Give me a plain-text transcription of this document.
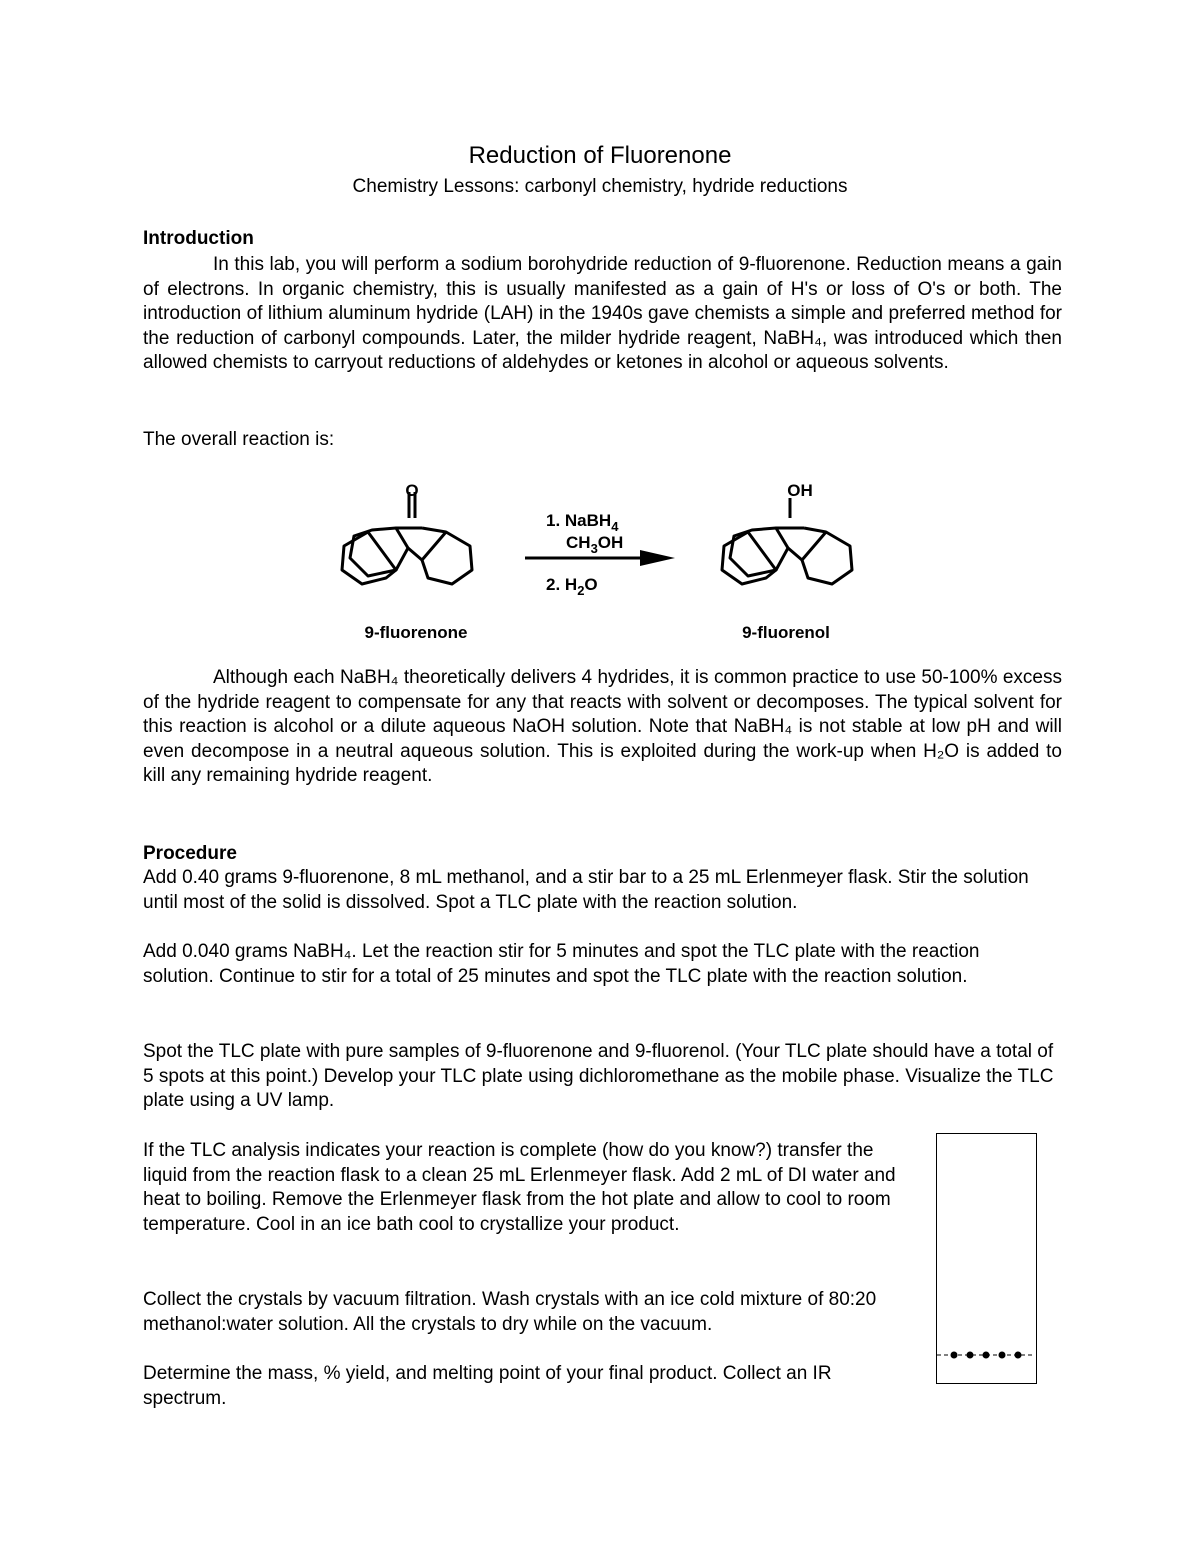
Reduction of Fluorenone
Chemistry Lessons: carbonyl chemistry, hydride reductions
Introduction
In this lab, you will perform a sodium borohydride reduction of 9-fluorenone. Reduction means a gain of electrons. In organic chemistry, this is usually manifested as a gain of H's or loss of O's or both. The introduction of lithium aluminum hydride (LAH) in the 1940s gave chemists a simple and preferred method for the reduction of carbonyl compounds. Later, the milder hydride reagent, NaBH₄, was introduced which then allowed chemists to carryout reductions of aldehydes or ketones in alcohol or aqueous solvents.
The overall reaction is:
O	OH
1. NaBH$_4$
$CH_3OH$
2. $H_2O$
9-fluorenone	9-fluorenol
Although each NaBH₄ theoretically delivers 4 hydrides, it is common practice to use 50-100% excess of the hydride reagent to compensate for any that reacts with solvent or decomposes. The typical solvent for this reaction is alcohol or a dilute aqueous NaOH solution. Note that NaBH₄ is not stable at low pH and will even decompose in a neutral aqueous solution. This is exploited during the work-up when H₂O is added to kill any remaining hydride reagent.
Procedure
Add 0.40 grams 9-fluorenone, 8 mL methanol, and a stir bar to a 25 mL Erlenmeyer flask. Stir the solution until most of the solid is dissolved. Spot a TLC plate with the reaction solution.
Add 0.040 grams NaBH₄. Let the reaction stir for 5 minutes and spot the TLC plate with the reaction solution. Continue to stir for a total of 25 minutes and spot the TLC plate with the reaction solution.
Spot the TLC plate with pure samples of 9-fluorenone and 9-fluorenol. (Your TLC plate should have a total of 5 spots at this point.) Develop your TLC plate using dichloromethane as the mobile phase. Visualize the TLC plate using a UV lamp.
If the TLC analysis indicates your reaction is complete (how do you know?) transfer the liquid from the reaction flask to a clean 25 mL Erlenmeyer flask. Add 2 mL of DI water and heat to boiling. Remove the Erlenmeyer flask from the hot plate and allow to cool to room temperature. Cool in an ice bath cool to crystallize your product.
Collect the crystals by vacuum filtration. Wash crystals with an ice cold mixture of 80:20 methanol:water solution. All the crystals to dry while on the vacuum.
Determine the mass, % yield, and melting point of your final product. Collect an IR spectrum.
